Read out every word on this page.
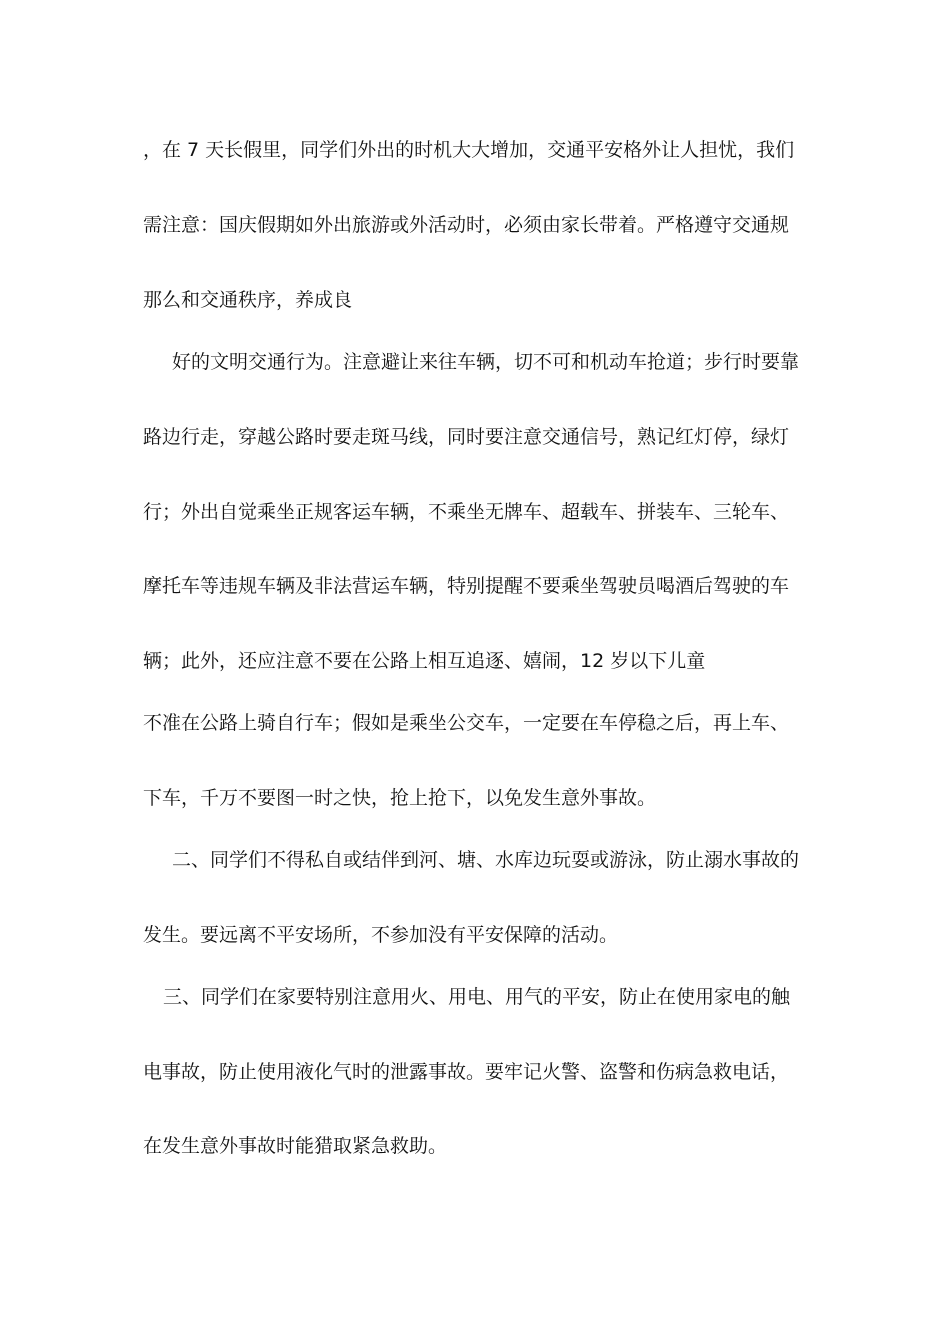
，在 7 天长假里，同学们外出的时机大大增加，交通平安格外让人担忧，我们

需注意：国庆假期如外出旅游或外活动时，必须由家长带着。严格遵守交通规

那么和交通秩序，养成良

好的文明交通行为。注意避让来往车辆，切不可和机动车抢道；步行时要靠

路边行走，穿越公路时要走斑马线，同时要注意交通信号，熟记红灯停，绿灯

行；外出自觉乘坐正规客运车辆，不乘坐无牌车、超载车、拼装车、三轮车、

摩托车等违规车辆及非法营运车辆，特别提醒不要乘坐驾驶员喝酒后驾驶的车

辆；此外，还应注意不要在公路上相互追逐、嬉闹，12 岁以下儿童

不准在公路上骑自行车；假如是乘坐公交车，一定要在车停稳之后，再上车、

下车，千万不要图一时之快，抢上抢下，以免发生意外事故。

二、同学们不得私自或结伴到河、塘、水库边玩耍或游泳，防止溺水事故的

发生。要远离不平安场所，不参加没有平安保障的活动。

三、同学们在家要特别注意用火、用电、用气的平安，防止在使用家电的触

电事故，防止使用液化气时的泄露事故。要牢记火警、盗警和伤病急救电话，

在发生意外事故时能猎取紧急救助。
